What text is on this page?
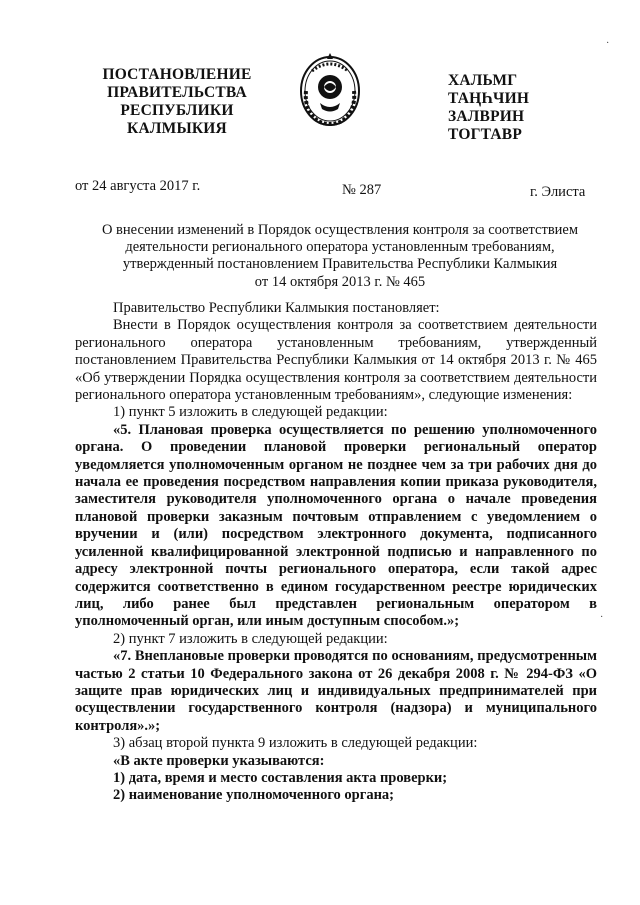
ПОСТАНОВЛЕНИЕ
ПРАВИТЕЛЬСТВА
РЕСПУБЛИКИ
КАЛМЫКИЯ
ХАЛЬМГ
ТАҢҺЧИН
ЗАЛВРИН
ТОГТАВР
от 24 августа 2017 г.	№ 287	г. Элиста
О внесении изменений в Порядок осуществления контроля за соответствием
деятельности регионального оператора установленным требованиям,
утвержденный постановлением Правительства Республики Калмыкия
от 14 октября 2013 г. № 465

Правительство Республики Калмыкия постановляет:

Внести в Порядок осуществления контроля за соответствием деятельности регионального оператора установленным требованиям, утвержденный постановлением Правительства Республики Калмыкия от 14 октября 2013 г. № 465 «Об утверждении Порядка осуществления контроля за соответствием деятельности регионального оператора установленным требованиям», следующие изменения:

1) пункт 5 изложить в следующей редакции:

«5. Плановая проверка осуществляется по решению уполномоченного органа. О проведении плановой проверки региональный оператор уведомляется уполномоченным органом не позднее чем за три рабочих дня до начала ее проведения посредством направления копии приказа руководителя, заместителя руководителя уполномоченного органа о начале проведения плановой проверки заказным почтовым отправлением с уведомлением о вручении и (или) посредством электронного документа, подписанного усиленной квалифицированной электронной подписью и направленного по адресу электронной почты регионального оператора, если такой адрес содержится соответственно в едином государственном реестре юридических лиц, либо ранее был представлен региональным оператором в уполномоченный орган, или иным доступным способом.»;

2) пункт 7 изложить в следующей редакции:

«7. Внеплановые проверки проводятся по основаниям, предусмотренным частью 2 статьи 10 Федерального закона от 26 декабря 2008 г. № 294-ФЗ «О защите прав юридических лиц и индивидуальных предпринимателей при осуществлении государственного контроля (надзора) и муниципального контроля».»;

3) абзац второй пункта 9 изложить в следующей редакции:

«В акте проверки указываются:

1) дата, время и место составления акта проверки;

2) наименование уполномоченного органа;

·
·
